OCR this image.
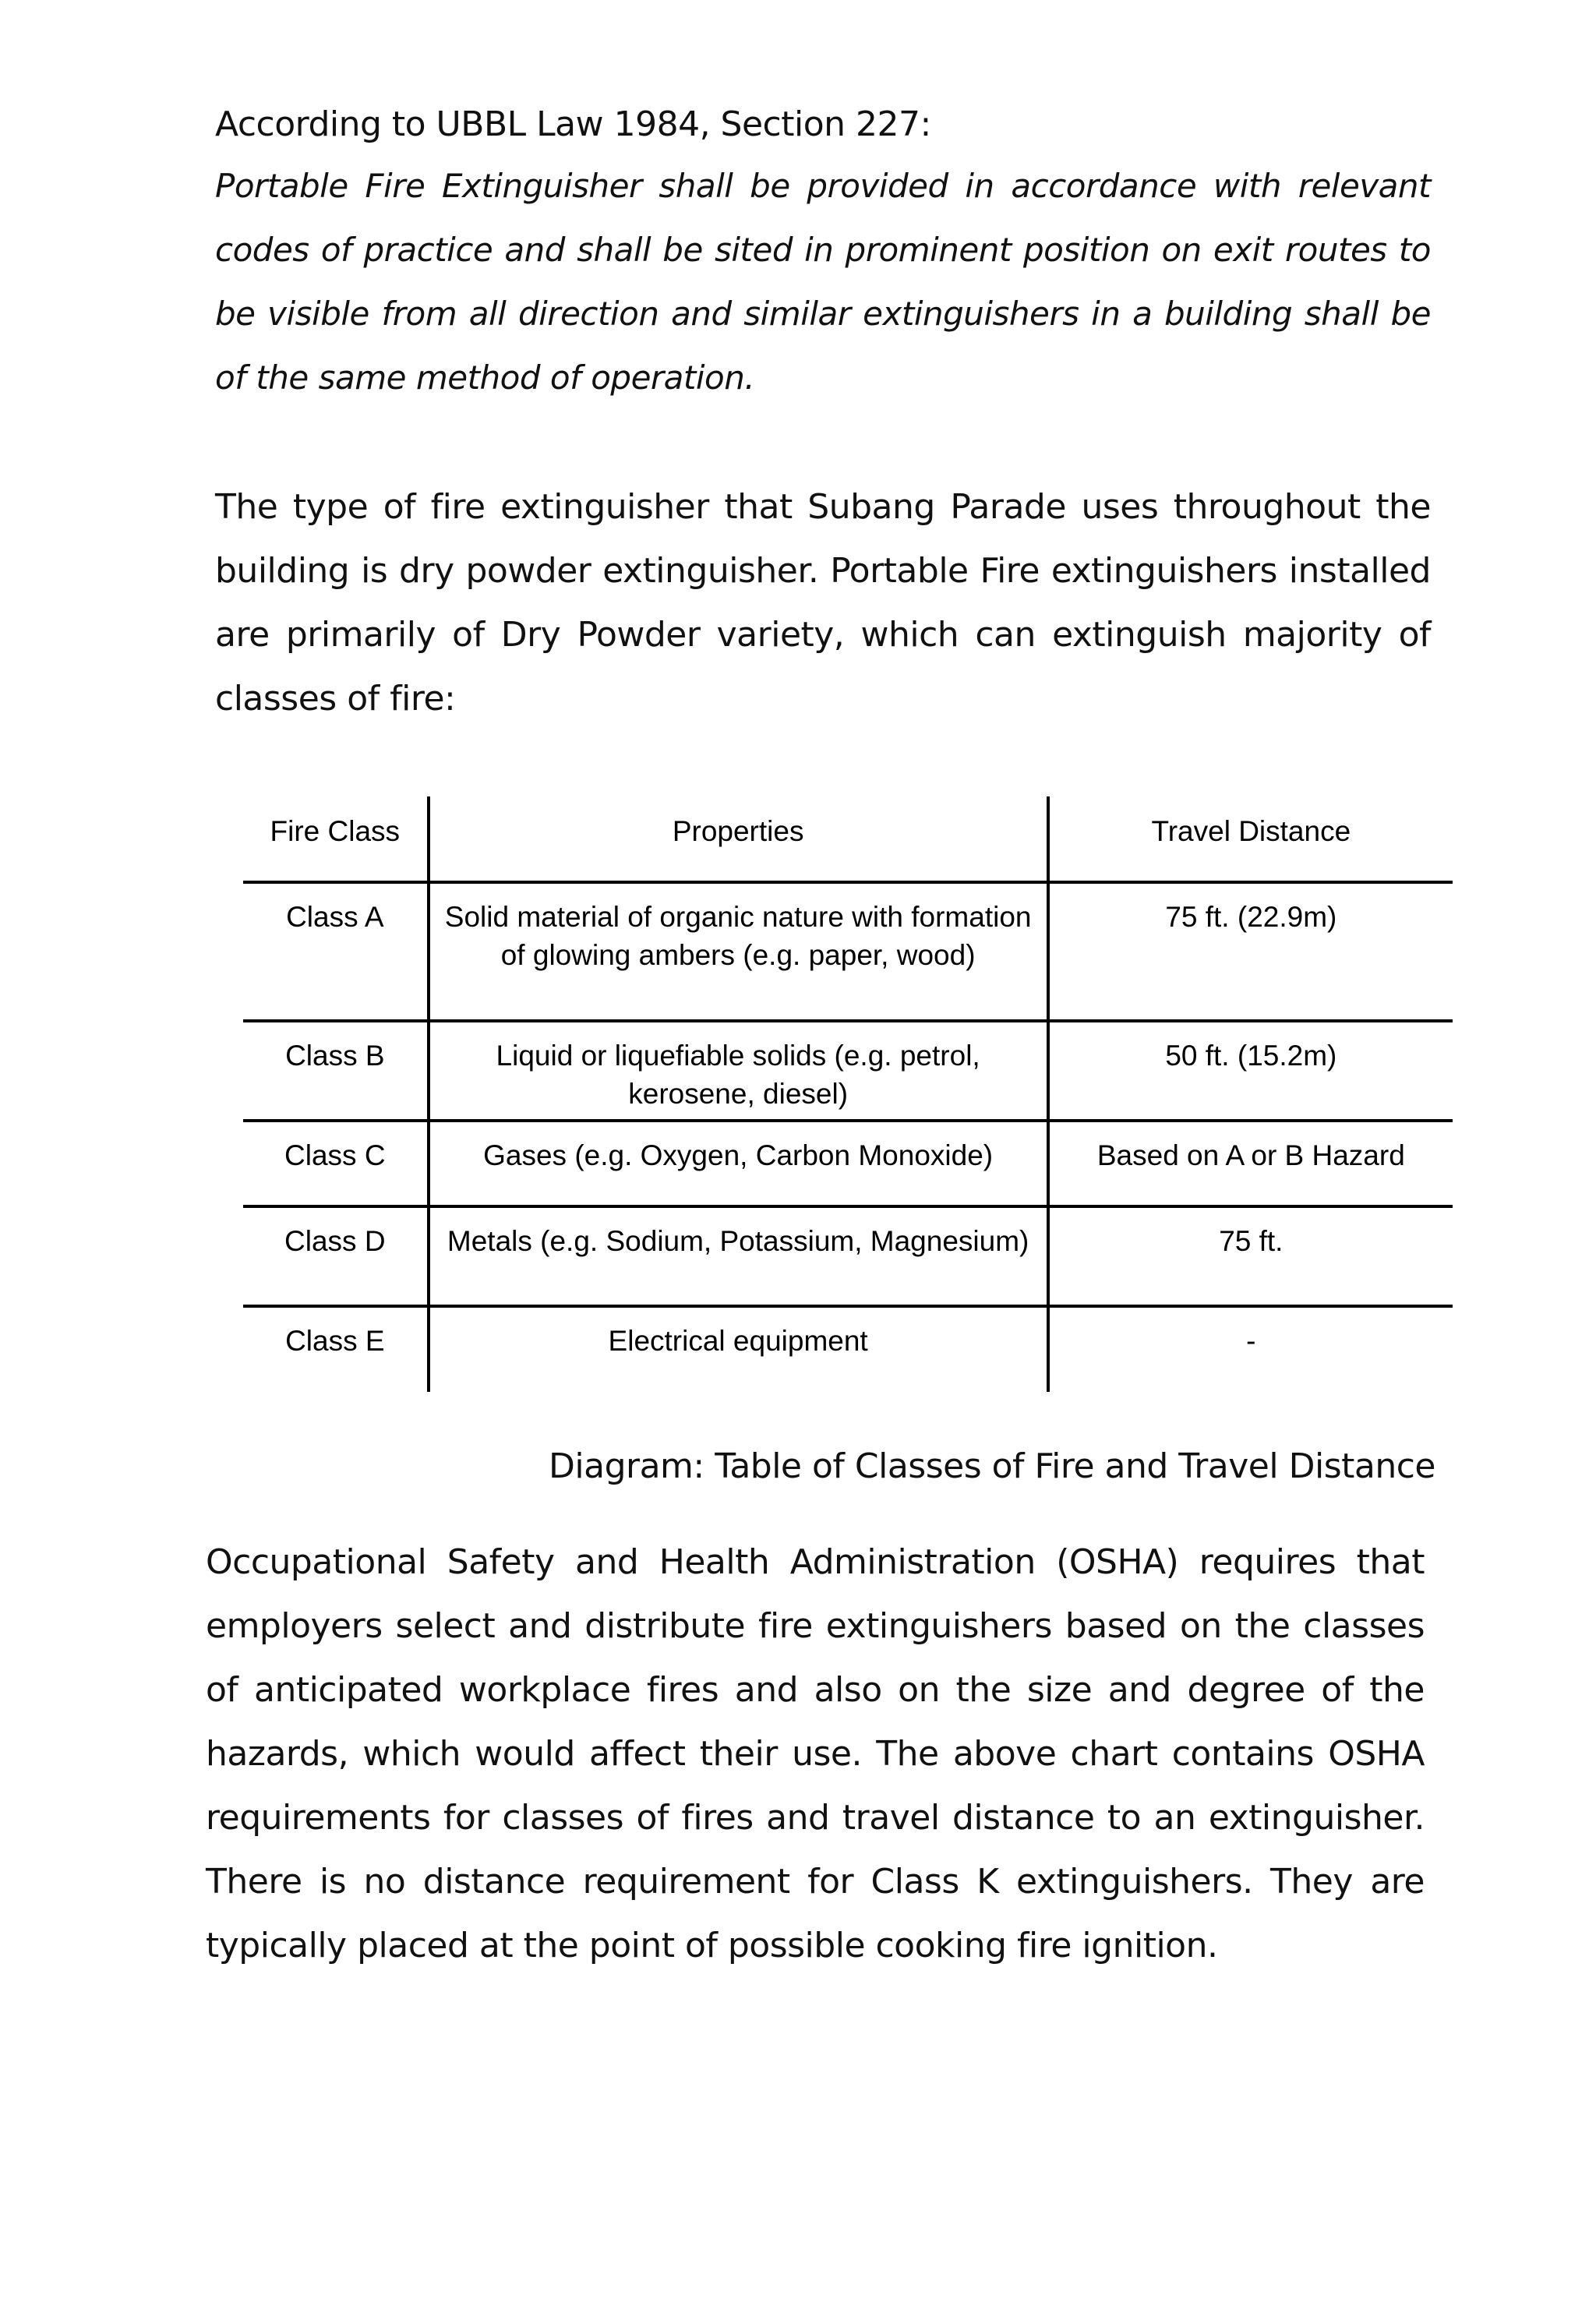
According to UBBL Law 1984, Section 227:
Portable Fire Extinguisher shall be provided in accordance with relevant codes of practice and shall be sited in prominent position on exit routes to be visible from all direction and similar extinguishers in a building shall be of the same method of operation.
The type of fire extinguisher that Subang Parade uses throughout the building is dry powder extinguisher. Portable Fire extinguishers installed are primarily of Dry Powder variety, which can extinguish majority of classes of fire:
Fire Class	Properties	Travel Distance
Class A	Solid material of organic nature with formation of glowing ambers (e.g. paper, wood)	75 ft. (22.9m)
Class B	Liquid or liquefiable solids (e.g. petrol, kerosene, diesel)	50 ft. (15.2m)
Class C	Gases (e.g. Oxygen, Carbon Monoxide)	Based on A or B Hazard
Class D	Metals (e.g. Sodium, Potassium, Magnesium)	75 ft.
Class E	Electrical equipment	-
Diagram: Table of Classes of Fire and Travel Distance
Occupational Safety and Health Administration (OSHA) requires that employers select and distribute fire extinguishers based on the classes of anticipated workplace fires and also on the size and degree of the hazards, which would affect their use. The above chart contains OSHA requirements for classes of fires and travel distance to an extinguisher. There is no distance requirement for Class K extinguishers. They are typically placed at the point of possible cooking fire ignition.
